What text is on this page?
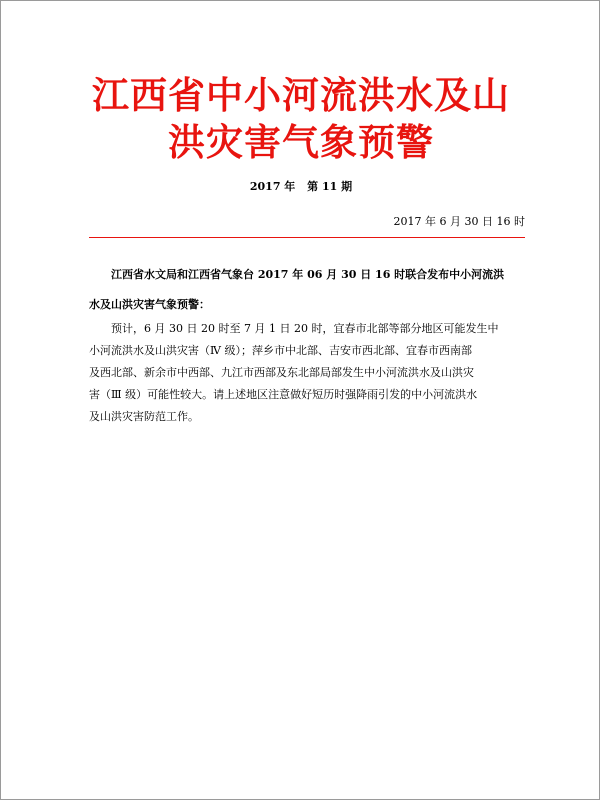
江西省中小河流洪水及山
洪灾害气象预警
2017 年 第 11 期
2017 年 6 月 30 日 16 时

江西省水文局和江西省气象台 2017 年 06 月 30 日 16 时联合发布中小河流洪
水及山洪灾害气象预警：

预计，6 月 30 日 20 时至 7 月 1 日 20 时，宜春市北部等部分地区可能发生中
小河流洪水及山洪灾害（Ⅳ 级）；萍乡市中北部、吉安市西北部、宜春市西南部
及西北部、新余市中西部、九江市西部及东北部局部发生中小河流洪水及山洪灾
害（Ⅲ 级）可能性较大。请上述地区注意做好短历时强降雨引发的中小河流洪水
及山洪灾害防范工作。
